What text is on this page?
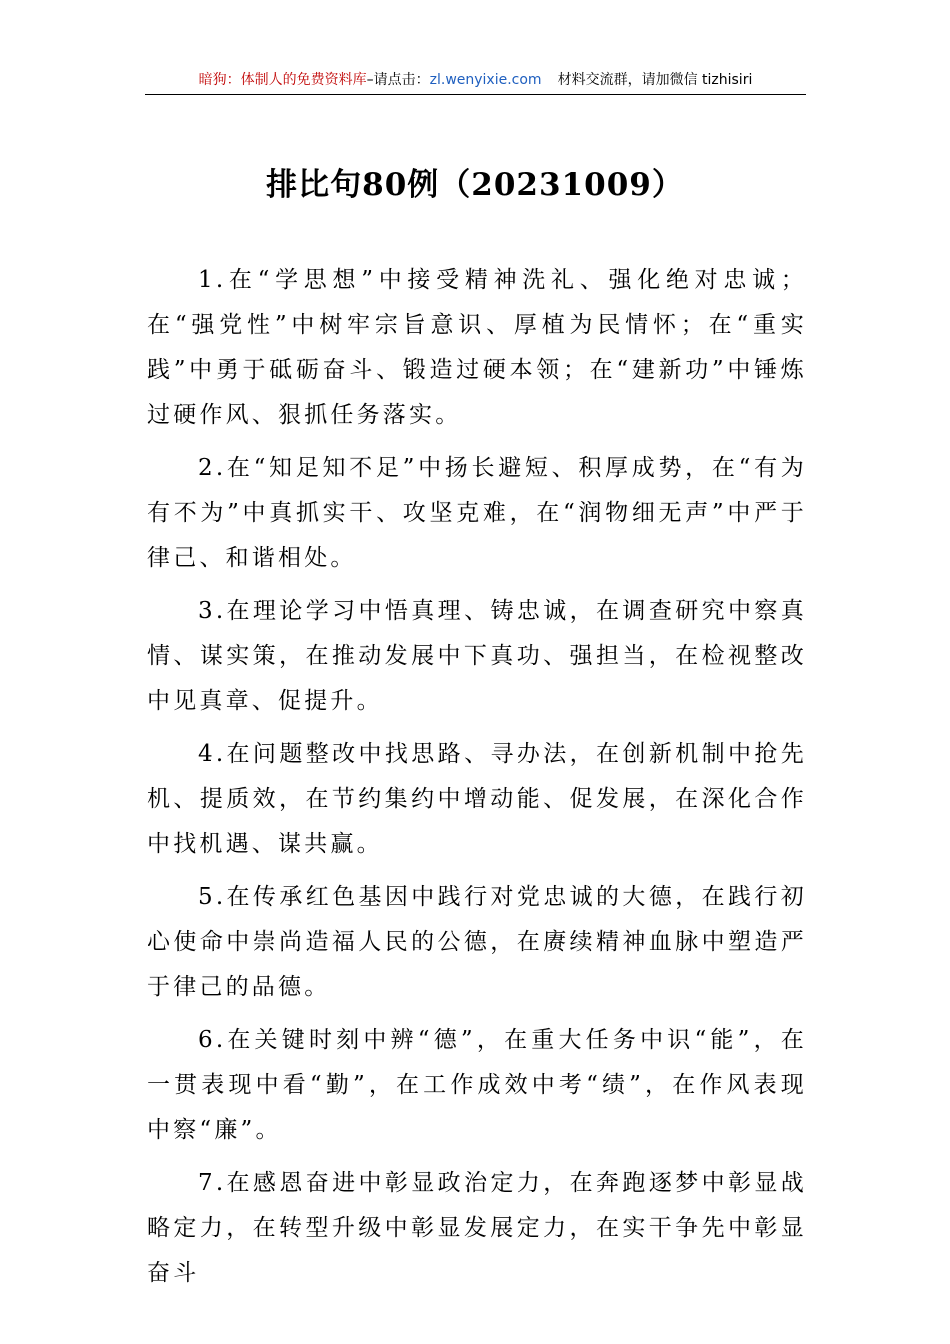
暗狗：体制人的免费资料库–请点击：zl.wenyixie.com 材料交流群，请加微信 tizhisiri
排比句80例（20231009）

1.在“学思想”中接受精神洗礼、强化绝对忠诚；在“强党性”中树牢宗旨意识、厚植为民情怀；在“重实践”中勇于砥砺奋斗、锻造过硬本领；在“建新功”中锤炼过硬作风、狠抓任务落实。

2.在“知足知不足”中扬长避短、积厚成势，在“有为有不为”中真抓实干、攻坚克难，在“润物细无声”中严于律己、和谐相处。

3.在理论学习中悟真理、铸忠诚，在调查研究中察真情、谋实策，在推动发展中下真功、强担当，在检视整改中见真章、促提升。

4.在问题整改中找思路、寻办法，在创新机制中抢先机、提质效，在节约集约中增动能、促发展，在深化合作中找机遇、谋共赢。

5.在传承红色基因中践行对党忠诚的大德，在践行初心使命中崇尚造福人民的公德，在赓续精神血脉中塑造严于律己的品德。

6.在关键时刻中辨“德”，在重大任务中识“能”，在一贯表现中看“勤”，在工作成效中考“绩”，在作风表现中察“廉”。

7.在感恩奋进中彰显政治定力，在奔跑逐梦中彰显战略定力，在转型升级中彰显发展定力，在实干争先中彰显奋斗
